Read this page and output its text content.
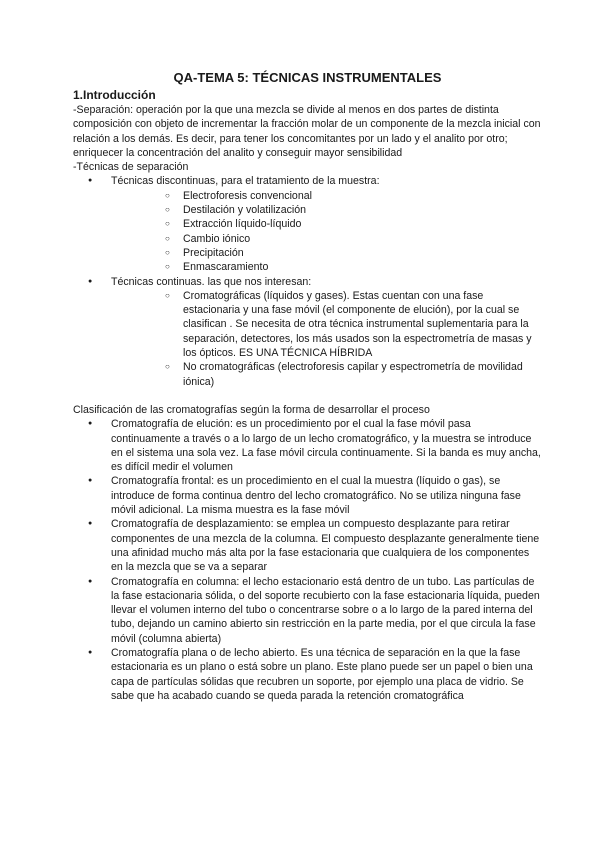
QA-TEMA 5: TÉCNICAS INSTRUMENTALES

1.Introducción

-Separación: operación por la que una mezcla se divide al menos en dos partes de distinta composición con objeto de incrementar la fracción molar de un componente de la mezcla inicial con relación a los demás. Es decir, para tener los concomitantes por un lado y el analito por otro; enriquecer la concentración del analito y conseguir mayor sensibilidad

-Técnicas de separación

● Técnicas discontinuas, para el tratamiento de la muestra:
○ Electroforesis convencional
○ Destilación y volatilización
○ Extracción líquido-líquido
○ Cambio iónico
○ Precipitación
○ Enmascaramiento
● Técnicas continuas. las que nos interesan:
○ Cromatográficas (líquidos y gases). Estas cuentan con una fase estacionaria y una fase móvil (el componente de elución), por la cual se clasifican . Se necesita de otra técnica instrumental suplementaria para la separación, detectores, los más usados son la espectrometría de masas y los ópticos. ES UNA TÉCNICA HÍBRIDA
○ No cromatográficas (electroforesis capilar y espectrometría de movilidad iónica)

Clasificación de las cromatografías según la forma de desarrollar el proceso

● Cromatografía de elución: es un procedimiento por el cual la fase móvil pasa continuamente a través o a lo largo de un lecho cromatográfico, y la muestra se introduce en el sistema una sola vez. La fase móvil circula continuamente. Si la banda es muy ancha, es difícil medir el volumen
● Cromatografía frontal: es un procedimiento en el cual la muestra (líquido o gas), se introduce de forma continua dentro del lecho cromatográfico. No se utiliza ninguna fase móvil adicional. La misma muestra es la fase móvil
● Cromatografía de desplazamiento: se emplea un compuesto desplazante para retirar componentes de una mezcla de la columna. El compuesto desplazante generalmente tiene una afinidad mucho más alta por la fase estacionaria que cualquiera de los componentes en la mezcla que se va a separar
● Cromatografía en columna: el lecho estacionario está dentro de un tubo. Las partículas de la fase estacionaria sólida, o del soporte recubierto con la fase estacionaria líquida, pueden llevar el volumen interno del tubo o concentrarse sobre o a lo largo de la pared interna del tubo, dejando un camino abierto sin restricción en la parte media, por el que circula la fase móvil (columna abierta)
● Cromatografía plana o de lecho abierto. Es una técnica de separación en la que la fase estacionaria es un plano o está sobre un plano. Este plano puede ser un papel o bien una capa de partículas sólidas que recubren un soporte, por ejemplo una placa de vidrio. Se sabe que ha acabado cuando se queda parada la retención cromatográfica
